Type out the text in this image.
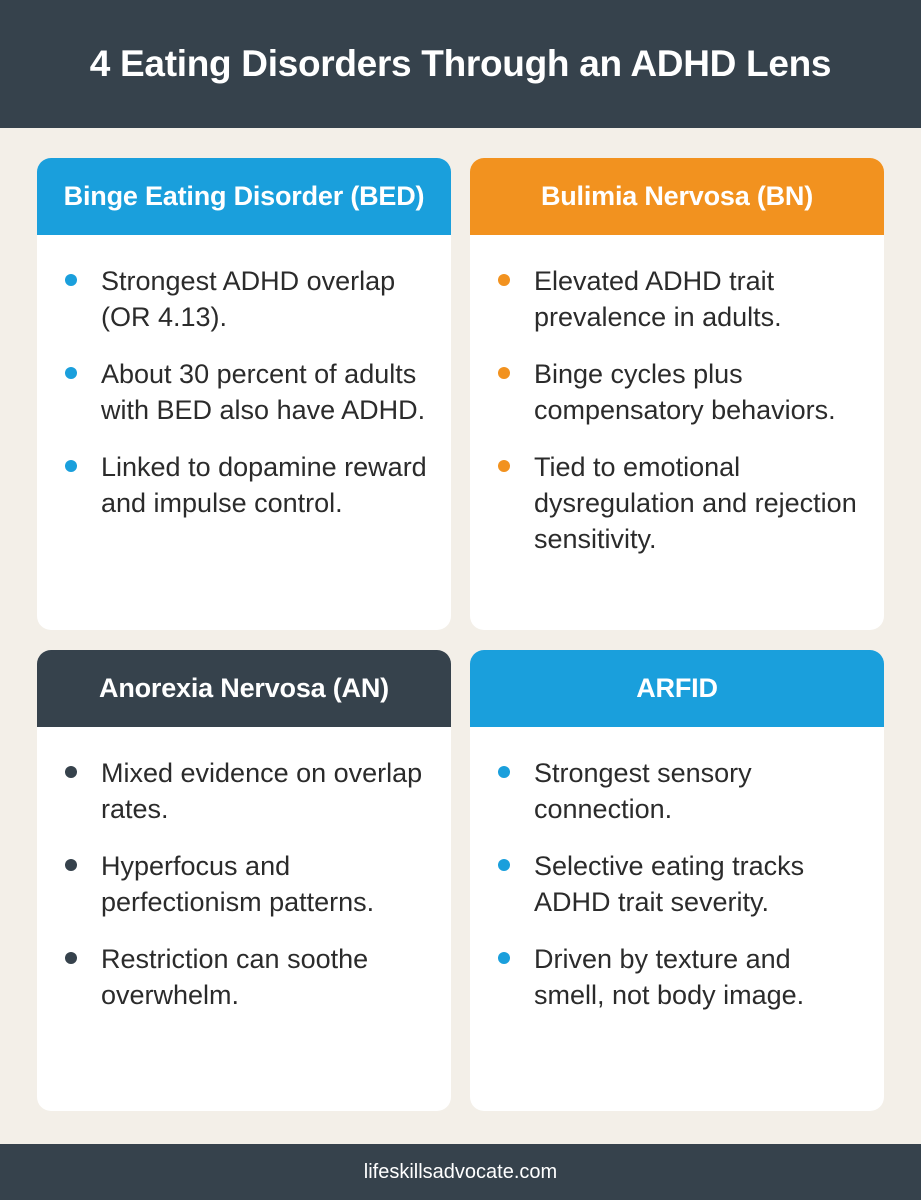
4 Eating Disorders Through an ADHD Lens
Binge Eating Disorder (BED)
Strongest ADHD overlap (OR 4.13).
About 30 percent of adults with BED also have ADHD.
Linked to dopamine reward and impulse control.
Bulimia Nervosa (BN)
Elevated ADHD trait prevalence in adults.
Binge cycles plus compensatory behaviors.
Tied to emotional dysregulation and rejection sensitivity.
Anorexia Nervosa (AN)
Mixed evidence on overlap rates.
Hyperfocus and perfectionism patterns.
Restriction can soothe overwhelm.
ARFID
Strongest sensory connection.
Selective eating tracks ADHD trait severity.
Driven by texture and smell, not body image.
lifeskillsadvocate.com
